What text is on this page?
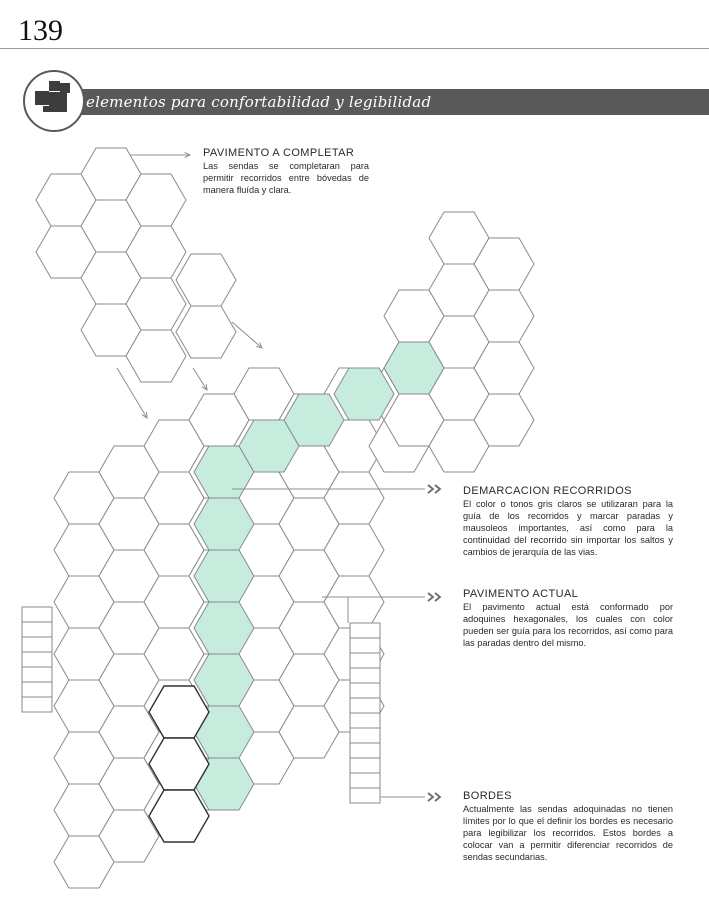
139
elementos para confortabilidad y legibilidad
PAVIMENTO A COMPLETAR
Las sendas se completaran para permitir recorridos entre bóvedas de manera fluída y clara.
DEMARCACION RECORRIDOS
El color o tonos gris claros se utilizaran para la guía de los recorridos y marcar paradas y mausoleos importantes, así como para la continuidad del recorrido sin importar los saltos y cambios de jerarquía de las vias.
PAVIMENTO ACTUAL
El pavimento actual está conformado por adoquines hexagonales, los cuales con color pueden ser guía para los recorridos, así como para las paradas dentro del mismo.
BORDES
Actualmente las sendas adoquinadas no tienen límites por lo que el definir los bordes es necesario para legibilizar los recorridos. Estos bordes a colocar van a permitir diferenciar recorridos de sendas secundarias.
